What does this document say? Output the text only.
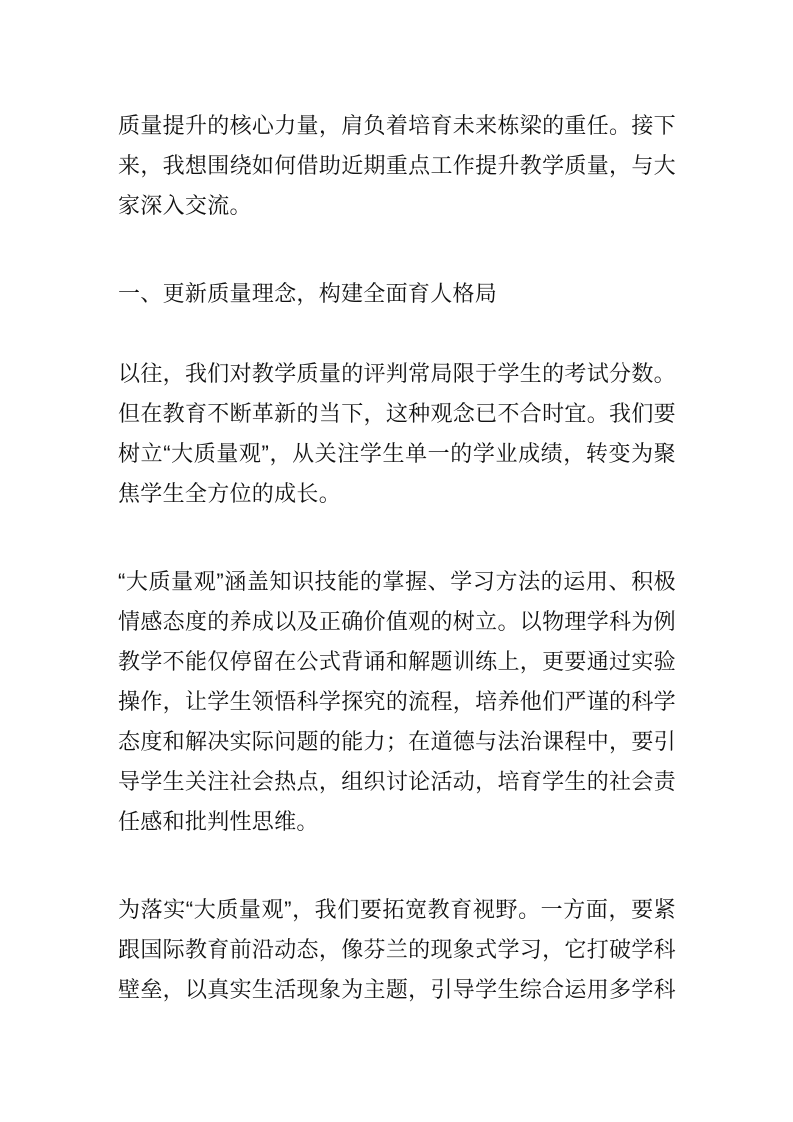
质量提升的核心力量，肩负着培育未来栋梁的重任。接下
来，我想围绕如何借助近期重点工作提升教学质量，与大
家深入交流。

一、更新质量理念，构建全面育人格局

以往，我们对教学质量的评判常局限于学生的考试分数。
但在教育不断革新的当下，这种观念已不合时宜。我们要
树立“大质量观”，从关注学生单一的学业成绩，转变为聚
焦学生全方位的成长。

“大质量观”涵盖知识技能的掌握、学习方法的运用、积极
情感态度的养成以及正确价值观的树立。以物理学科为例
教学不能仅停留在公式背诵和解题训练上，更要通过实验
操作，让学生领悟科学探究的流程，培养他们严谨的科学
态度和解决实际问题的能力；在道德与法治课程中，要引
导学生关注社会热点，组织讨论活动，培育学生的社会责
任感和批判性思维。

为落实“大质量观”，我们要拓宽教育视野。一方面，要紧
跟国际教育前沿动态，像芬兰的现象式学习，它打破学科
壁垒，以真实生活现象为主题，引导学生综合运用多学科
